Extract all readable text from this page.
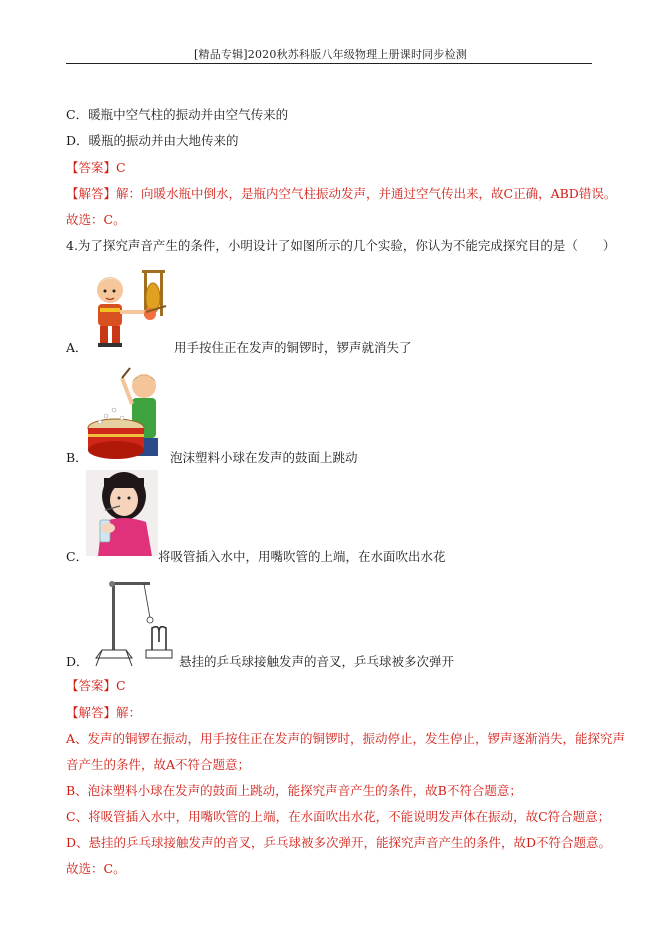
[精品专辑]2020秋苏科版八年级物理上册课时同步检测
C．暖瓶中空气柱的振动并由空气传来的
D．暖瓶的振动并由大地传来的
【答案】C
【解答】解：向暖水瓶中倒水，是瓶内空气柱振动发声，并通过空气传出来，故C正确，ABD错误。
故选：C。
4.为了探究声音产生的条件，小明设计了如图所示的几个实验，你认为不能完成探究目的是（　　）
A．	用手按住正在发声的铜锣时，锣声就消失了
B．	泡沫塑料小球在发声的鼓面上跳动
C．	将吸管插入水中，用嘴吹管的上端，在水面吹出水花
D．	悬挂的乒乓球接触发声的音叉，乒乓球被多次弹开
【答案】C
【解答】解：
A、发声的铜锣在振动，用手按住正在发声的铜锣时，振动停止，发生停止，锣声逐渐消失，能探究声
音产生的条件，故A不符合题意；
B、泡沫塑料小球在发声的鼓面上跳动，能探究声音产生的条件，故B不符合题意；
C、将吸管插入水中，用嘴吹管的上端，在水面吹出水花，不能说明发声体在振动，故C符合题意；
D、悬挂的乒乓球接触发声的音叉，乒乓球被多次弹开，能探究声音产生的条件，故D不符合题意。
故选：C。
